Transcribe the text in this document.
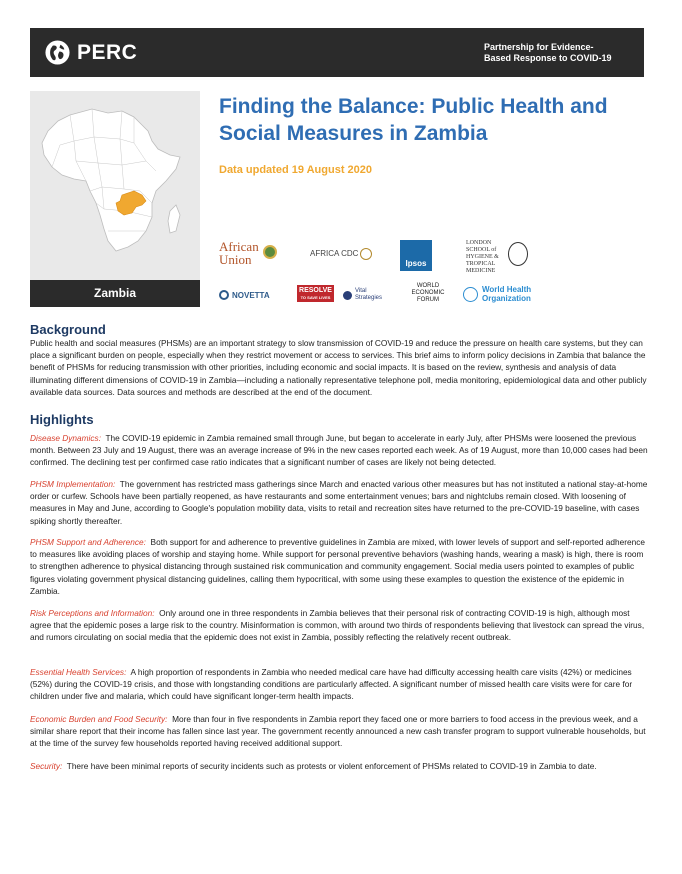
PERC	Partnership for Evidence-Based Response to COVID-19
Zambia
Finding the Balance: Public Health and Social Measures in Zambia
Data updated 19 August 2020
African Union	AFRICA CDC
Ipsos
LONDON SCHOOL of HYGIENE & TROPICAL MEDICINE
NOVETTA	RESOLVE
TO SAVE LIVES
Vital Strategies
WORLD ECONOMIC FORUM
World Health Organization
Background
Public health and social measures (PHSMs) are an important strategy to slow transmission of COVID-19 and reduce the pressure on health care systems, but they can place a significant burden on people, especially when they restrict movement or access to services. This brief aims to inform policy decisions in Zambia that balance the benefit of PHSMs for reducing transmission with other priorities, including economic and social impacts. It is based on the review, synthesis and analysis of data illuminating different dimensions of COVID-19 in Zambia—including a nationally representative telephone poll, media monitoring, epidemiological data and other publicly available data sources. Data sources and methods are described at the end of the document.
Highlights
Disease Dynamics: The COVID-19 epidemic in Zambia remained small through June, but began to accelerate in early July, after PHSMs were loosened the previous month. Between 23 July and 19 August, there was an average increase of 9% in the new cases reported each week. As of 19 August, more than 10,000 cases had been confirmed. The declining test per confirmed case ratio indicates that a significant number of cases are likely not being detected.
PHSM Implementation: The government has restricted mass gatherings since March and enacted various other measures but has not instituted a national stay-at-home order or curfew. Schools have been partially reopened, as have restaurants and some entertainment venues; bars and nightclubs remain closed. With loosening of measures in May and June, according to Google's population mobility data, visits to retail and recreation sites have returned to the pre-COVID-19 baseline, with cases spiking shortly thereafter.
PHSM Support and Adherence: Both support for and adherence to preventive guidelines in Zambia are mixed, with lower levels of support and self-reported adherence to measures like avoiding places of worship and staying home. While support for personal preventive behaviors (washing hands, wearing a mask) is high, there is room to strengthen adherence to physical distancing through sustained risk communication and community engagement. Social media users pointed to examples of public figures violating government physical distancing guidelines, calling them hypocritical, with some using these examples to question the existence of the epidemic in Zambia.
Risk Perceptions and Information: Only around one in three respondents in Zambia believes that their personal risk of contracting COVID-19 is high, although most agree that the epidemic poses a large risk to the country. Misinformation is common, with around two thirds of respondents believing that livestock can spread the virus, and rumors circulating on social media that the epidemic does not exist in Zambia, possibly reflecting the relatively recent outbreak.
Essential Health Services: A high proportion of respondents in Zambia who needed medical care have had difficulty accessing health care visits (42%) or medicines (52%) during the COVID-19 crisis, and those with longstanding conditions are particularly affected. A significant number of missed health care visits were for care for children under five and malaria, which could have significant longer-term health impacts.
Economic Burden and Food Security: More than four in five respondents in Zambia report they faced one or more barriers to food access in the previous week, and a similar share report that their income has fallen since last year. The government recently announced a new cash transfer program to support vulnerable households, but at the time of the survey few households reported having received additional support.
Security: There have been minimal reports of security incidents such as protests or violent enforcement of PHSMs related to COVID-19 in Zambia to date.
